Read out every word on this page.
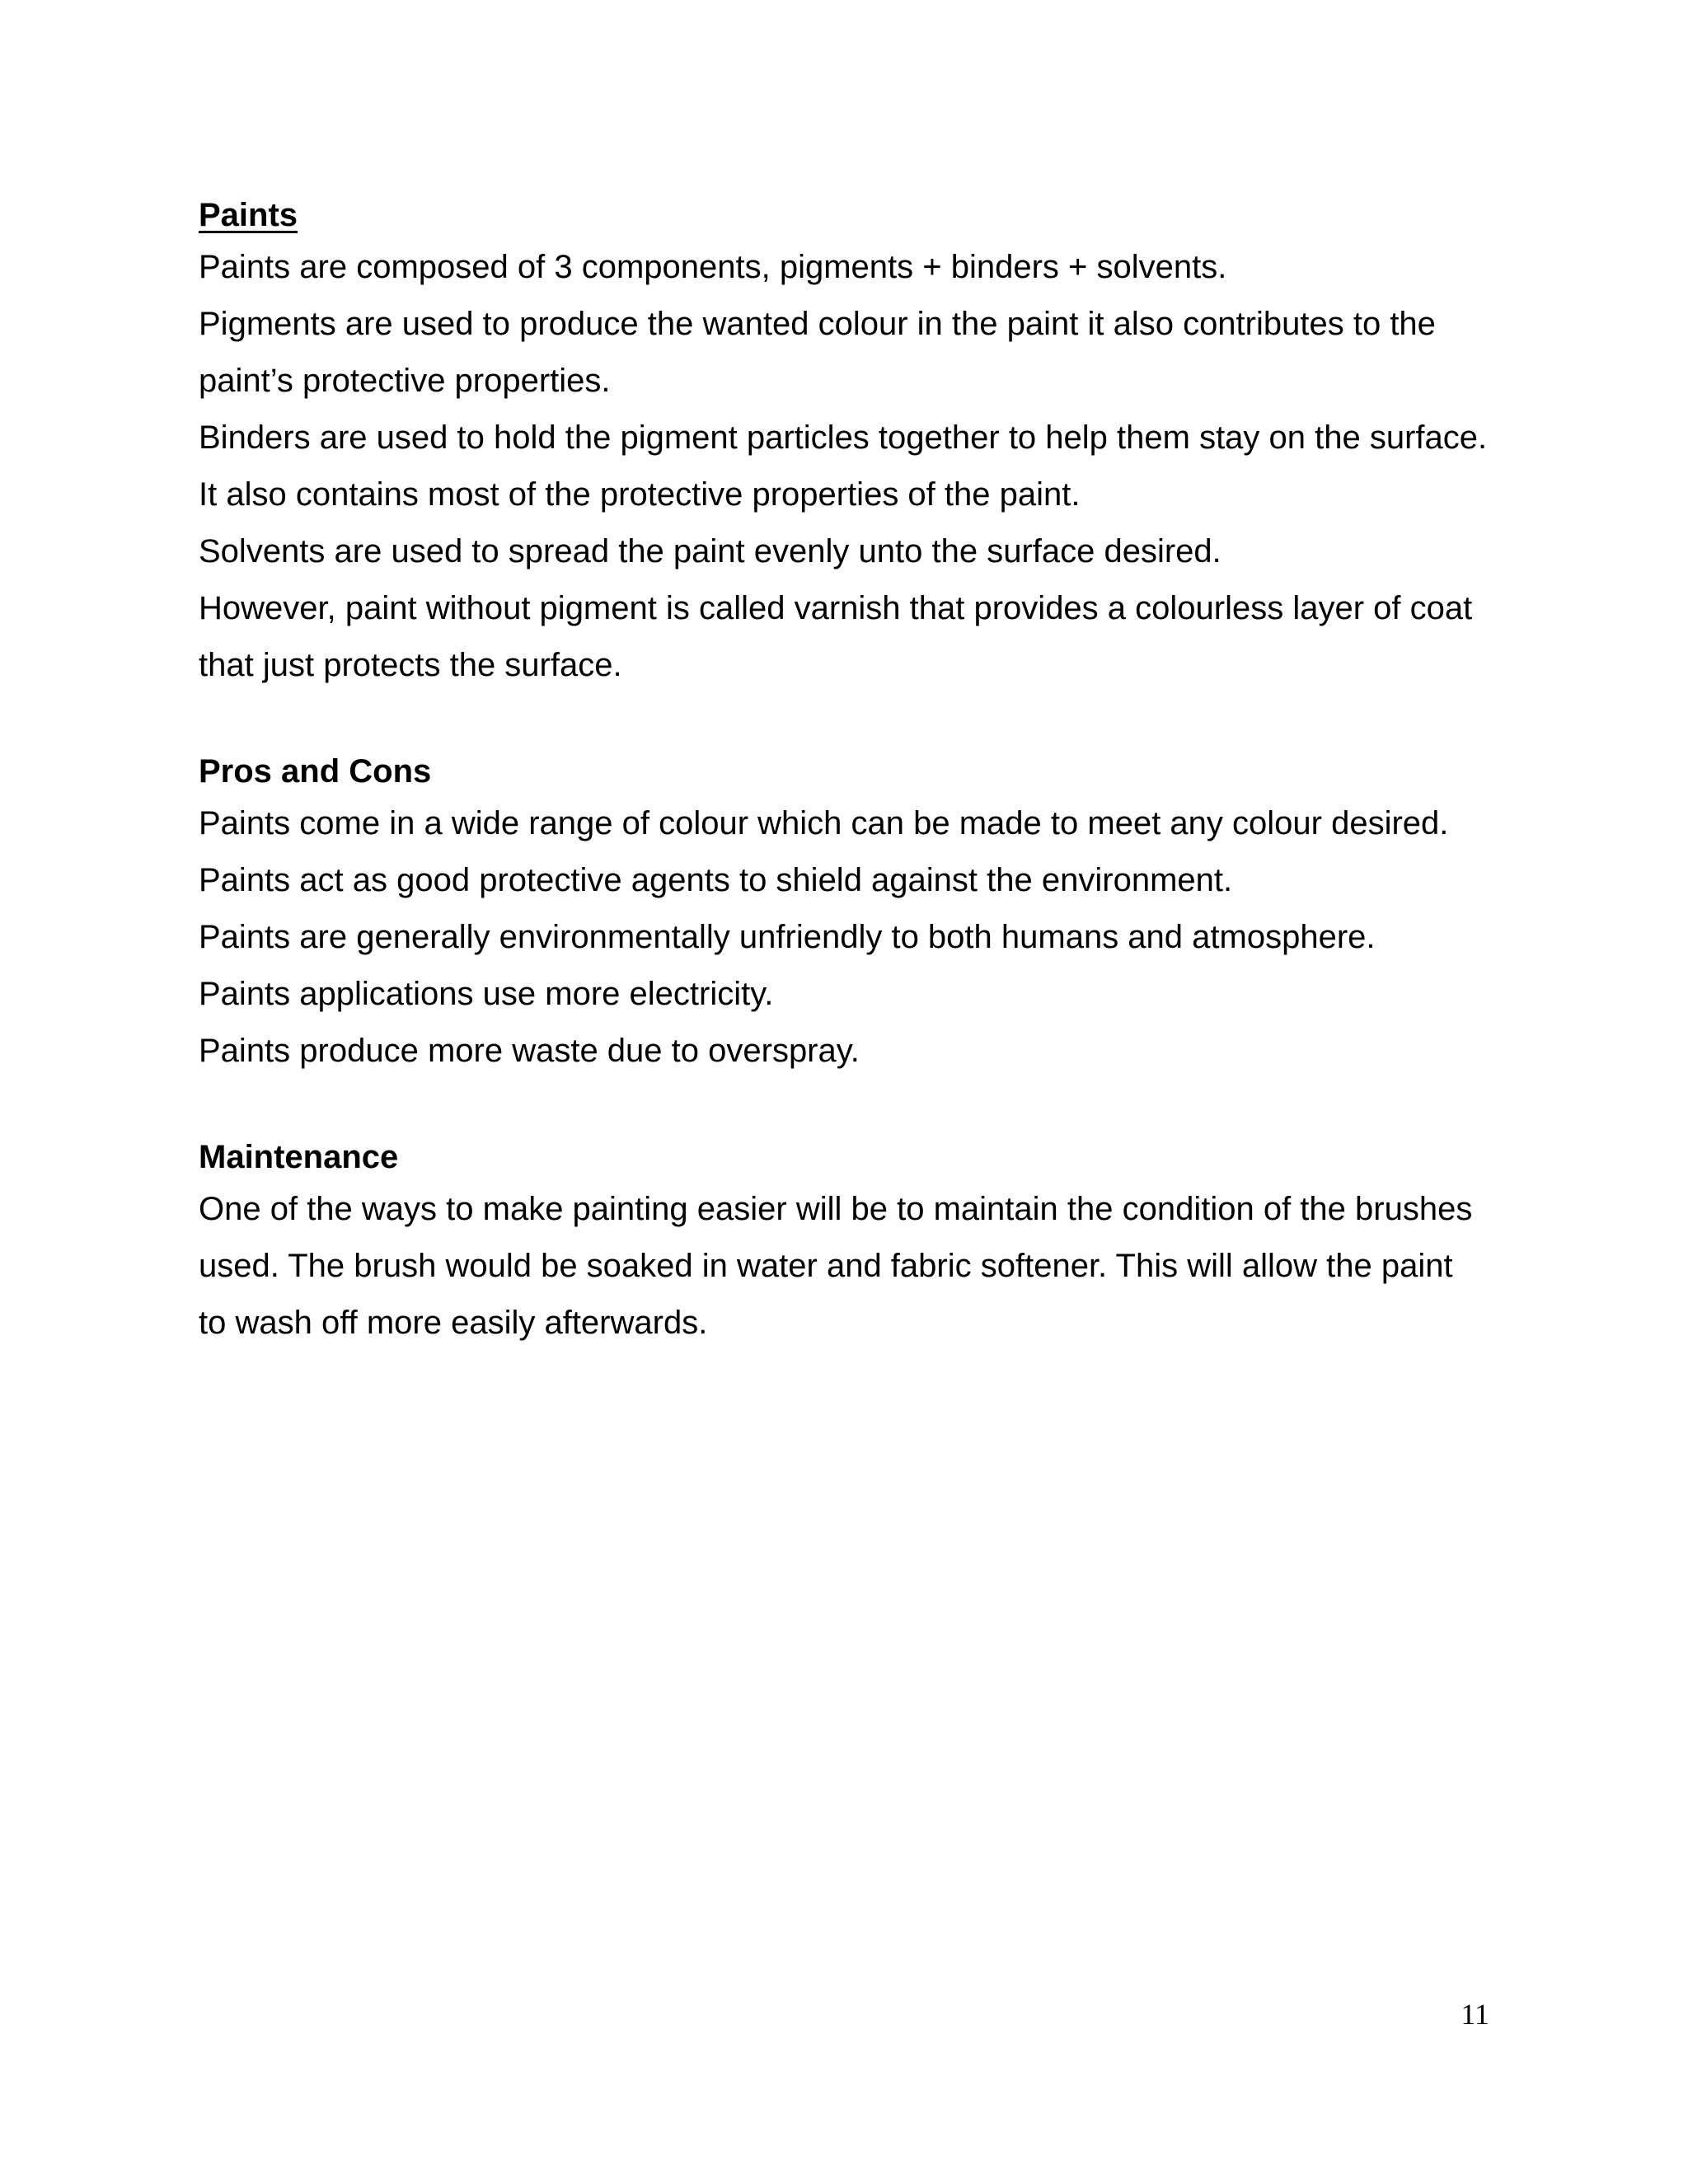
Paints

Paints are composed of 3 components, pigments + binders + solvents.

Pigments are used to produce the wanted colour in the paint it also contributes to the

paint’s protective properties.

Binders are used to hold the pigment particles together to help them stay on the surface.

It also contains most of the protective properties of the paint.

Solvents are used to spread the paint evenly unto the surface desired.

However, paint without pigment is called varnish that provides a colourless layer of coat

that just protects the surface.

Pros and Cons

Paints come in a wide range of colour which can be made to meet any colour desired.

Paints act as good protective agents to shield against the environment.

Paints are generally environmentally unfriendly to both humans and atmosphere.

Paints applications use more electricity.

Paints produce more waste due to overspray.

Maintenance

One of the ways to make painting easier will be to maintain the condition of the brushes

used. The brush would be soaked in water and fabric softener. This will allow the paint

to wash off more easily afterwards.

11
